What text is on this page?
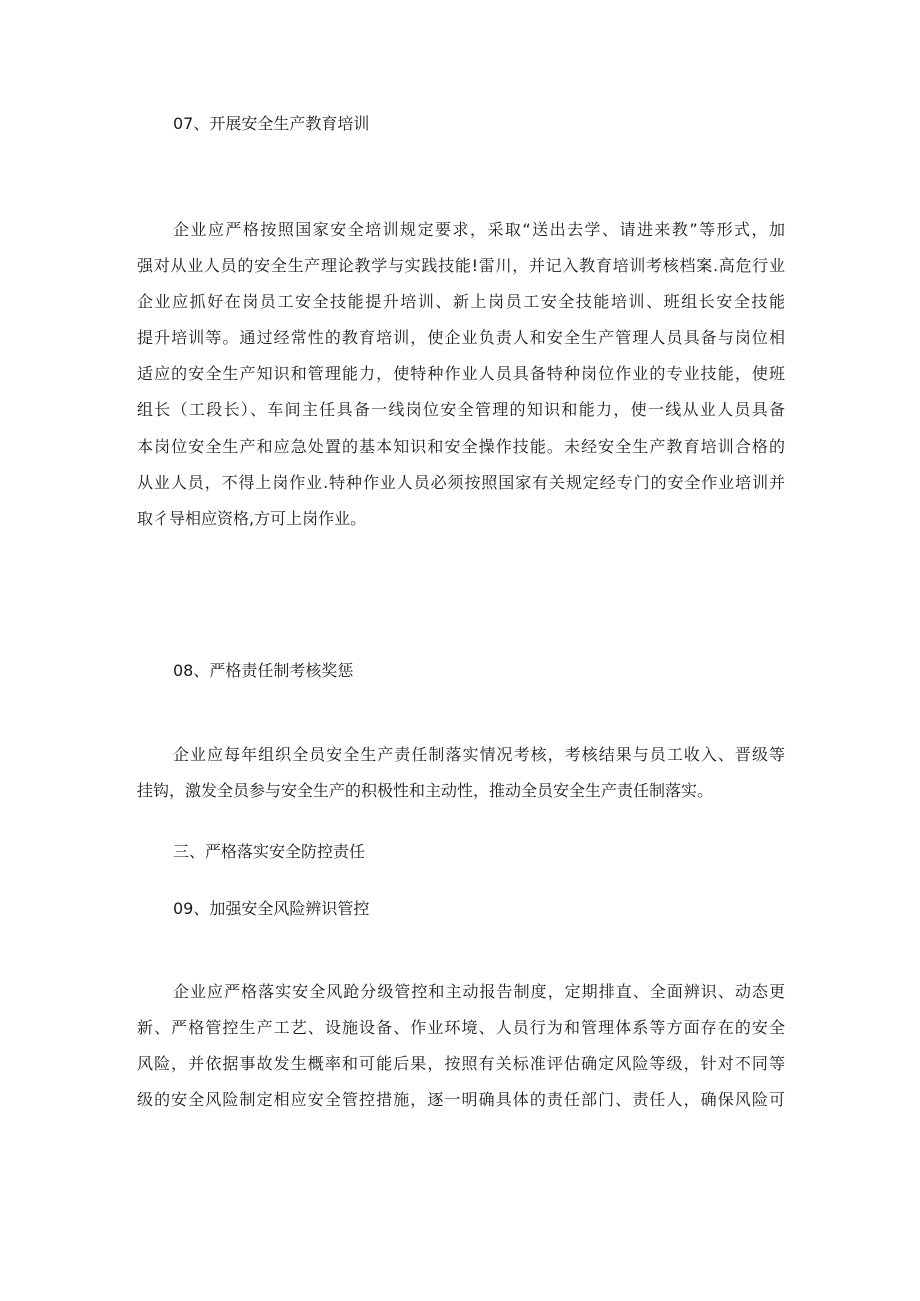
07、开展安全生产教育培训
企业应严格按照国家安全培训规定要求，采取“送出去学、请进来教”等形式，加
强对从业人员的安全生产理论教学与实践技能!雷川，并记入教育培训考核档案.高危行业
企业应抓好在岗员工安全技能提升培训、新上岗员工安全技能培训、班组长安全技能
提升培训等。通过经常性的教育培训，使企业负责人和安全生产管理人员具备与岗位相
适应的安全生产知识和管理能力，使特种作业人员具备特种岗位作业的专业技能，使班
组长（工段长）、车间主任具备一线岗位安全管理的知识和能力，使一线从业人员具备
本岗位安全生产和应急处置的基本知识和安全操作技能。未经安全生产教育培训合格的
从业人员，不得上岗作业.特种作业人员必须按照国家有关规定经专门的安全作业培训并
取彳导相应资格,方可上岗作业。
08、严格责任制考核奖惩
企业应每年组织全员安全生产责任制落实情况考核，考核结果与员工收入、晋级等
挂钩，激发全员参与安全生产的积极性和主动性，推动全员安全生产责任制落实。
三、严格落实安全防控责任
09、加强安全风险辨识管控
企业应严格落实安全风跄分级管控和主动报告制度，定期排直、全面辨识、动态更
新、严格管控生产工艺、设施设备、作业环境、人员行为和管理体系等方面存在的安全
风险，并依据事故发生概率和可能后果，按照有关标准评估确定风险等级，针对不同等
级的安全风险制定相应安全管控措施，逐一明确具体的责任部门、责任人，确保风险可
